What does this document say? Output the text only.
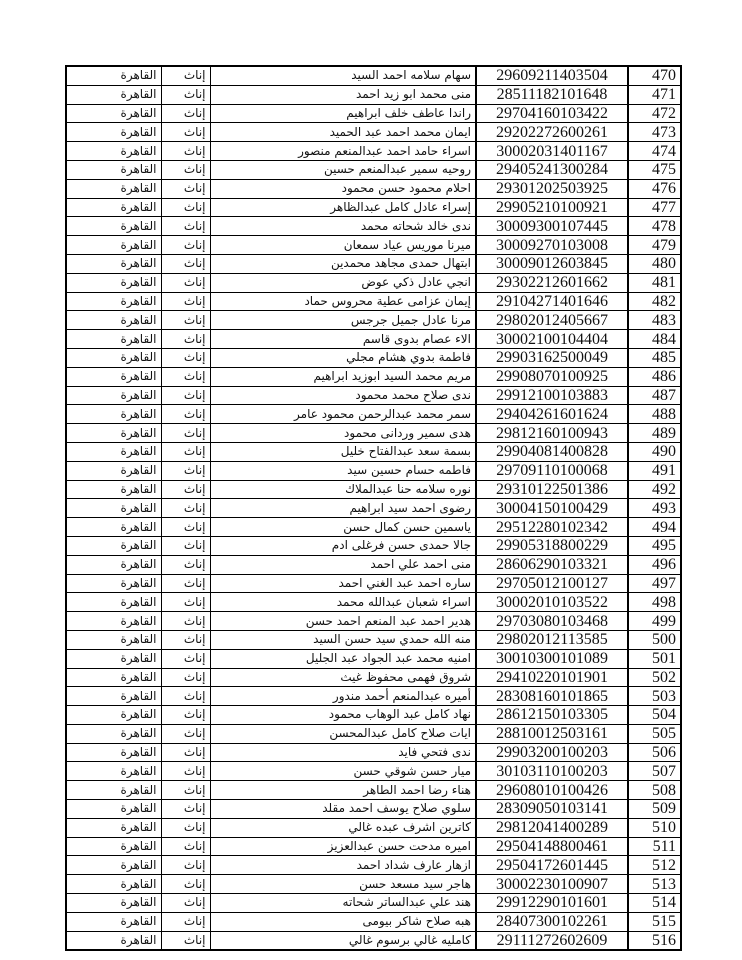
القاهرة	إناث	سهام سلامه احمد السيد	29609211403504	470
القاهرة	إناث	منى محمد ابو زيد احمد	28511182101648	471
القاهرة	إناث	راندا عاطف خلف ابراهيم	29704160103422	472
القاهرة	إناث	ايمان محمد احمد عبد الحميد	29202272600261	473
القاهرة	إناث	اسراء حامد احمد عبدالمنعم منصور	30002031401167	474
القاهرة	إناث	روحيه سمير عبدالمنعم حسين	29405241300284	475
القاهرة	إناث	احلام محمود حسن محمود	29301202503925	476
القاهرة	إناث	إسراء عادل كامل عبدالظاهر	29905210100921	477
القاهرة	إناث	ندى خالد شحاته محمد	30009300107445	478
القاهرة	إناث	ميرنا موريس عياد سمعان	30009270103008	479
القاهرة	إناث	ابتهال حمدى مجاهد محمدين	30009012603845	480
القاهرة	إناث	انجي عادل ذكي عوض	29302212601662	481
القاهرة	إناث	إيمان عزامى عطية محروس حماد	29104271401646	482
القاهرة	إناث	مرنا عادل جميل جرجس	29802012405667	483
القاهرة	إناث	الاء عصام بدوى قاسم	30002100104404	484
القاهرة	إناث	فاطمة بدوي هشام مجلي	29903162500049	485
القاهرة	إناث	مريم محمد السيد ابوزيد ابراهيم	29908070100925	486
القاهرة	إناث	ندى صلاح محمد محمود	29912100103883	487
القاهرة	إناث	سمر محمد عبدالرحمن محمود عامر	29404261601624	488
القاهرة	إناث	هدى سمير وردانى محمود	29812160100943	489
القاهرة	إناث	بسمة سعد عبدالفتاح خليل	29904081400828	490
القاهرة	إناث	فاطمه حسام حسين سيد	29709110100068	491
القاهرة	إناث	نوره سلامه حنا عبدالملاك	29310122501386	492
القاهرة	إناث	رضوى احمد سيد ابراهيم	30004150100429	493
القاهرة	إناث	ياسمين حسن كمال حسن	29512280102342	494
القاهرة	إناث	جالا حمدى حسن فرغلى ادم	29905318800229	495
القاهرة	إناث	منى احمد علي احمد	28606290103321	496
القاهرة	إناث	ساره احمد عبد الغني احمد	29705012100127	497
القاهرة	إناث	اسراء شعبان عبدالله محمد	30002010103522	498
القاهرة	إناث	هدير احمد عبد المنعم احمد حسن	29703080103468	499
القاهرة	إناث	منه الله حمدي سيد حسن السيد	29802012113585	500
القاهرة	إناث	امنيه محمد عبد الجواد عبد الجليل	30010300101089	501
القاهرة	إناث	شروق فهمى محفوظ غيث	29410220101901	502
القاهرة	إناث	أميره عبدالمنعم أحمد مندور	28308160101865	503
القاهرة	إناث	نهاد كامل عبد الوهاب محمود	28612150103305	504
القاهرة	إناث	ايات صلاح كامل عبدالمحسن	28810012503161	505
القاهرة	إناث	ندى فتحي فايد	29903200100203	506
القاهرة	إناث	ميار حسن شوقي حسن	30103110100203	507
القاهرة	إناث	هناء رضا احمد الطاهر	29608010100426	508
القاهرة	إناث	سلوي صلاح يوسف احمد مقلد	28309050103141	509
القاهرة	إناث	كاترين اشرف عبده غالي	29812041400289	510
القاهرة	إناث	اميره مدحت حسن عبدالعزيز	29504148800461	511
القاهرة	إناث	ازهار عارف شداد احمد	29504172601445	512
القاهرة	إناث	هاجر سيد مسعد حسن	30002230100907	513
القاهرة	إناث	هند علي عبدالساتر شحاته	29912290101601	514
القاهرة	إناث	هبه صلاح شاكر بيومى	28407300102261	515
القاهرة	إناث	كامليه غالي برسوم غالي	29111272602609	516
